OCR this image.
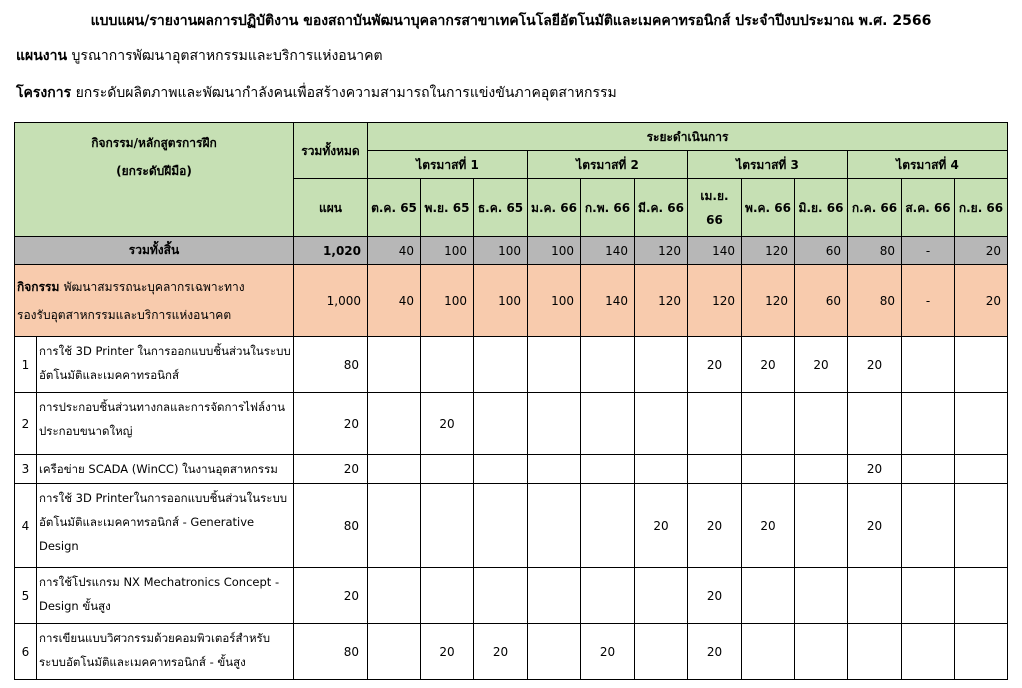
แบบแผน/รายงานผลการปฏิบัติงาน ของสถาบันพัฒนาบุคลากรสาขาเทคโนโลยีอัตโนมัติและเมคคาทรอนิกส์ ประจำปีงบประมาณ พ.ศ. 2566
แผนงาน บูรณาการพัฒนาอุตสาหกรรมและบริการแห่งอนาคต
โครงการ ยกระดับผลิตภาพและพัฒนากำลังคนเพื่อสร้างความสามารถในการแข่งขันภาคอุตสาหกรรม
กิจกรรม/หลักสูตรการฝึก
(ยกระดับฝีมือ)		รวมทั้งหมด	ระยะดำเนินการ											
			ไตรมาสที่ 1			ไตรมาสที่ 2			ไตรมาสที่ 3			ไตรมาสที่ 4		
		แผน	ต.ค. 65	พ.ย. 65	ธ.ค. 65	ม.ค. 66	ก.พ. 66	มี.ค. 66	เม.ย. 66	พ.ค. 66	มิ.ย. 66	ก.ค. 66	ส.ค. 66	ก.ย. 66
รวมทั้งสิ้น		1,020	40	100	100	100	140	120	140	120	60	80	-	20
กิจกรรม พัฒนาสมรรถนะบุคลากรเฉพาะทาง
รองรับอุตสาหกรรมและบริการแห่งอนาคต		1,000	40	100	100	100	140	120	120	120	60	80	-	20
1	การใช้ 3D Printer ในการออกแบบชิ้นส่วนในระบบอัตโนมัติและเมคคาทรอนิกส์	80							20	20	20	20		
2	การประกอบชิ้นส่วนทางกลและการจัดการไฟล์งานประกอบขนาดใหญ่	20		20										
3	เครือข่าย SCADA (WinCC) ในงานอุตสาหกรรม	20										20		
4	การใช้ 3D Printerในการออกแบบชิ้นส่วนในระบบอัตโนมัติและเมคคาทรอนิกส์ - Generative Design	80						20	20	20		20		
5	การใช้โปรแกรม NX Mechatronics Concept - Design ขั้นสูง	20							20					
6	การเขียนแบบวิศวกรรมด้วยคอมพิวเตอร์สำหรับระบบอัตโนมัติและเมคคาทรอนิกส์ - ขั้นสูง	80		20	20		20		20					
